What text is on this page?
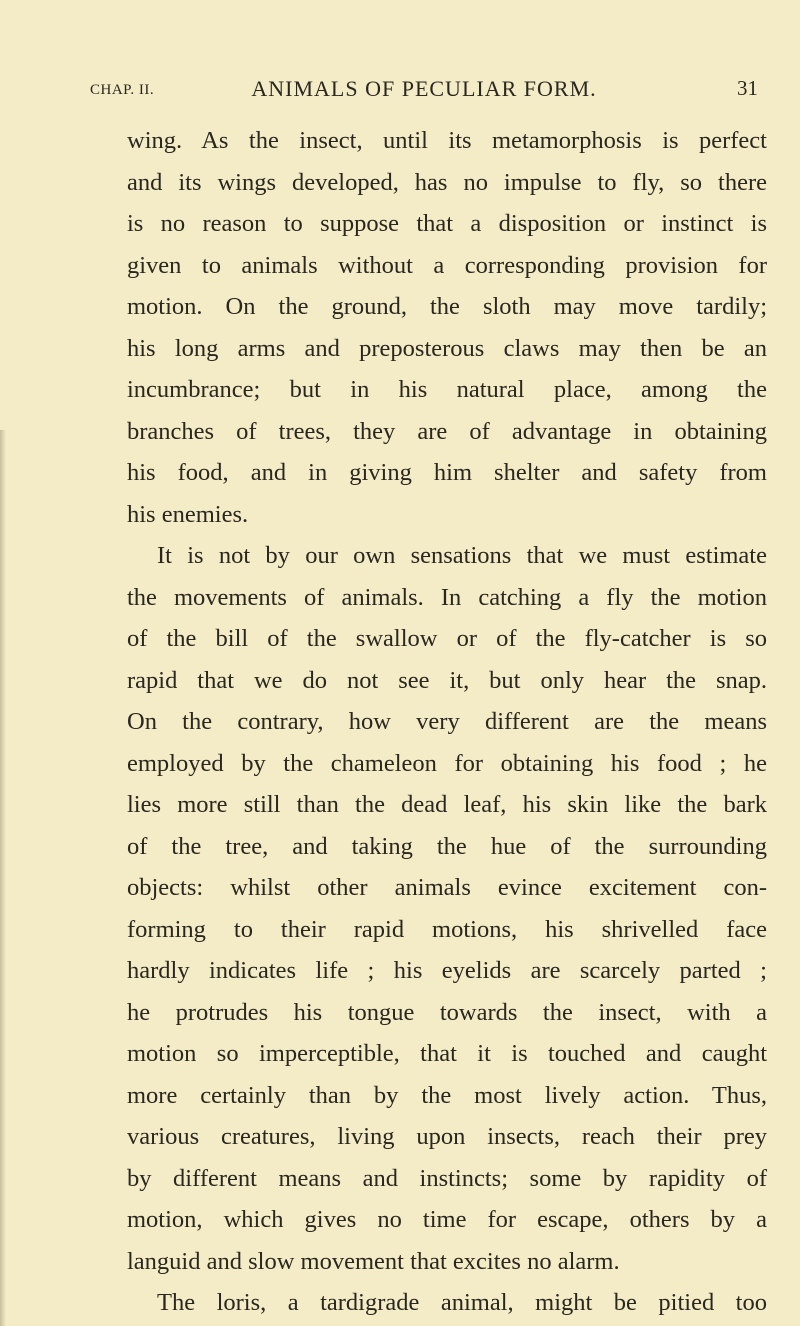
CHAP. II.	ANIMALS OF PECULIAR FORM.	31
wing. As the insect, until its metamorphosis is perfect
and its wings developed, has no impulse to fly, so there
is no reason to suppose that a disposition or instinct is
given to animals without a corresponding provision for
motion. On the ground, the sloth may move tardily;
his long arms and preposterous claws may then be an
incumbrance; but in his natural place, among the
branches of trees, they are of advantage in obtaining
his food, and in giving him shelter and safety from
his enemies.
It is not by our own sensations that we must estimate
the movements of animals. In catching a fly the motion
of the bill of the swallow or of the fly-catcher is so
rapid that we do not see it, but only hear the snap.
On the contrary, how very different are the means
employed by the chameleon for obtaining his food ; he
lies more still than the dead leaf, his skin like the bark
of the tree, and taking the hue of the surrounding
objects: whilst other animals evince excitement con-
forming to their rapid motions, his shrivelled face
hardly indicates life ; his eyelids are scarcely parted ;
he protrudes his tongue towards the insect, with a
motion so imperceptible, that it is touched and caught
more certainly than by the most lively action. Thus,
various creatures, living upon insects, reach their prey
by different means and instincts; some by rapidity of
motion, which gives no time for escape, others by a
languid and slow movement that excites no alarm.
The loris, a tardigrade animal, might be pitied too
